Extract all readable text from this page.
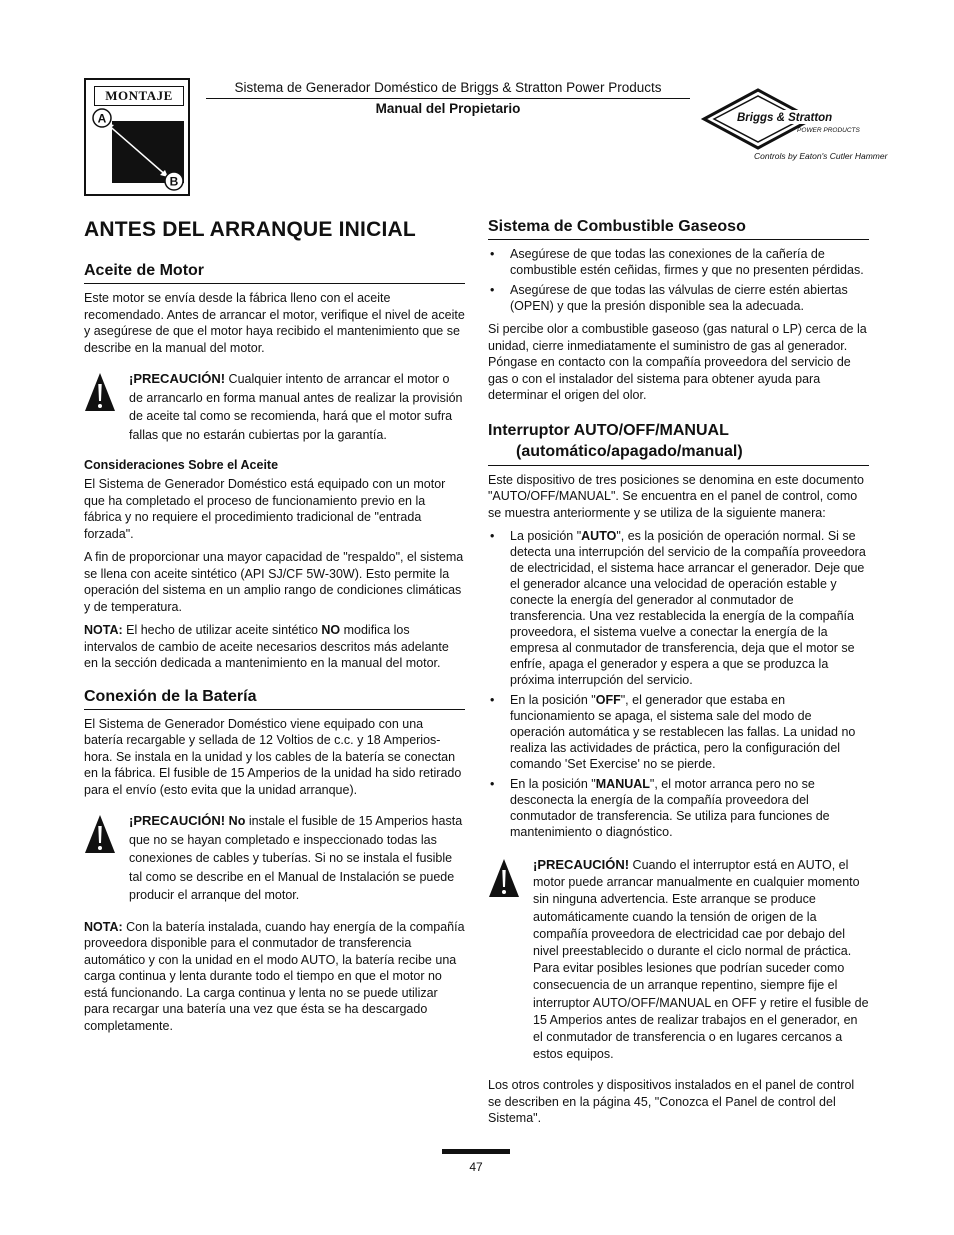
MONTAJE
A
B
Sistema de Generador Doméstico de Briggs & Stratton Power Products
Manual del Propietario
Briggs & Stratton
POWER PRODUCTS
Controls by Eaton's Cutler Hammer
ANTES DEL ARRANQUE INICIAL
Aceite de Motor

Este motor se envía desde la fábrica lleno con el aceite recomendado. Antes de arrancar el motor, verifique el nivel de aceite y asegúrese de que el motor haya recibido el mantenimiento que se describe en la manual del motor.

¡PRECAUCIÓN! Cualquier intento de arrancar el motor o de arrancarlo en forma manual antes de realizar la provisión de aceite tal como se recomienda, hará que el motor sufra fallas que no estarán cubiertas por la garantía.

Consideraciones Sobre el Aceite

El Sistema de Generador Doméstico está equipado con un motor que ha completado el proceso de funcionamiento previo en la fábrica y no requiere el procedimiento tradicional de "entrada forzada".

A fin de proporcionar una mayor capacidad de "respaldo", el sistema se llena con aceite sintético (API SJ/CF 5W-30W). Esto permite la operación del sistema en un amplio rango de condiciones climáticas y de temperatura.

NOTA: El hecho de utilizar aceite sintético NO modifica los intervalos de cambio de aceite necesarios descritos más adelante en la sección dedicada a mantenimiento en la manual del motor.

Conexión de la Batería

El Sistema de Generador Doméstico viene equipado con una batería recargable y sellada de 12 Voltios de c.c. y 18 Amperios-hora. Se instala en la unidad y los cables de la batería se conectan en la fábrica. El fusible de 15 Amperios de la unidad ha sido retirado para el envío (esto evita que la unidad arranque).

¡PRECAUCIÓN! No instale el fusible de 15 Amperios hasta que no se hayan completado e inspeccionado todas las conexiones de cables y tuberías. Si no se instala el fusible tal como se describe en el Manual de Instalación se puede producir el arranque del motor.

NOTA: Con la batería instalada, cuando hay energía de la compañía proveedora disponible para el conmutador de transferencia automático y con la unidad en el modo AUTO, la batería recibe una carga continua y lenta durante todo el tiempo en que el motor no está funcionando. La carga continua y lenta no se puede utilizar para recargar una batería una vez que ésta se ha descargado completamente.

Sistema de Combustible Gaseoso
• Asegúrese de que todas las conexiones de la cañería de combustible estén ceñidas, firmes y que no presenten pérdidas.
• Asegúrese de que todas las válvulas de cierre estén abiertas (OPEN) y que la presión disponible sea la adecuada.

Si percibe olor a combustible gaseoso (gas natural o LP) cerca de la unidad, cierre inmediatamente el suministro de gas al generador. Póngase en contacto con la compañía proveedora del servicio de gas o con el instalador del sistema para obtener ayuda para determinar el origen del olor.

Interruptor AUTO/OFF/MANUAL
(automático/apagado/manual)

Este dispositivo de tres posiciones se denomina en este documento "AUTO/OFF/MANUAL". Se encuentra en el panel de control, como se muestra anteriormente y se utiliza de la siguiente manera:

• La posición "AUTO", es la posición de operación normal. Si se detecta una interrupción del servicio de la compañía proveedora de electricidad, el sistema hace arrancar el generador. Deje que el generador alcance una velocidad de operación estable y conecte la energía del generador al conmutador de transferencia. Una vez restablecida la energía de la compañía proveedora, el sistema vuelve a conectar la energía de la empresa al conmutador de transferencia, deja que el motor se enfríe, apaga el generador y espera a que se produzca la próxima interrupción del servicio.
• En la posición "OFF", el generador que estaba en funcionamiento se apaga, el sistema sale del modo de operación automática y se restablecen las fallas. La unidad no realiza las actividades de práctica, pero la configuración del comando 'Set Exercise' no se pierde.
• En la posición "MANUAL", el motor arranca pero no se desconecta la energía de la compañía proveedora del conmutador de transferencia. Se utiliza para funciones de mantenimiento o diagnóstico.

¡PRECAUCIÓN! Cuando el interruptor está en AUTO, el motor puede arrancar manualmente en cualquier momento sin ninguna advertencia. Este arranque se produce automáticamente cuando la tensión de origen de la compañía proveedora de electricidad cae por debajo del nivel preestablecido o durante el ciclo normal de práctica. Para evitar posibles lesiones que podrían suceder como consecuencia de un arranque repentino, siempre fije el interruptor AUTO/OFF/MANUAL en OFF y retire el fusible de 15 Amperios antes de realizar trabajos en el generador, en el conmutador de transferencia o en lugares cercanos a estos equipos.

Los otros controles y dispositivos instalados en el panel de control se describen en la página 45, "Conozca el Panel de control del Sistema".

47
